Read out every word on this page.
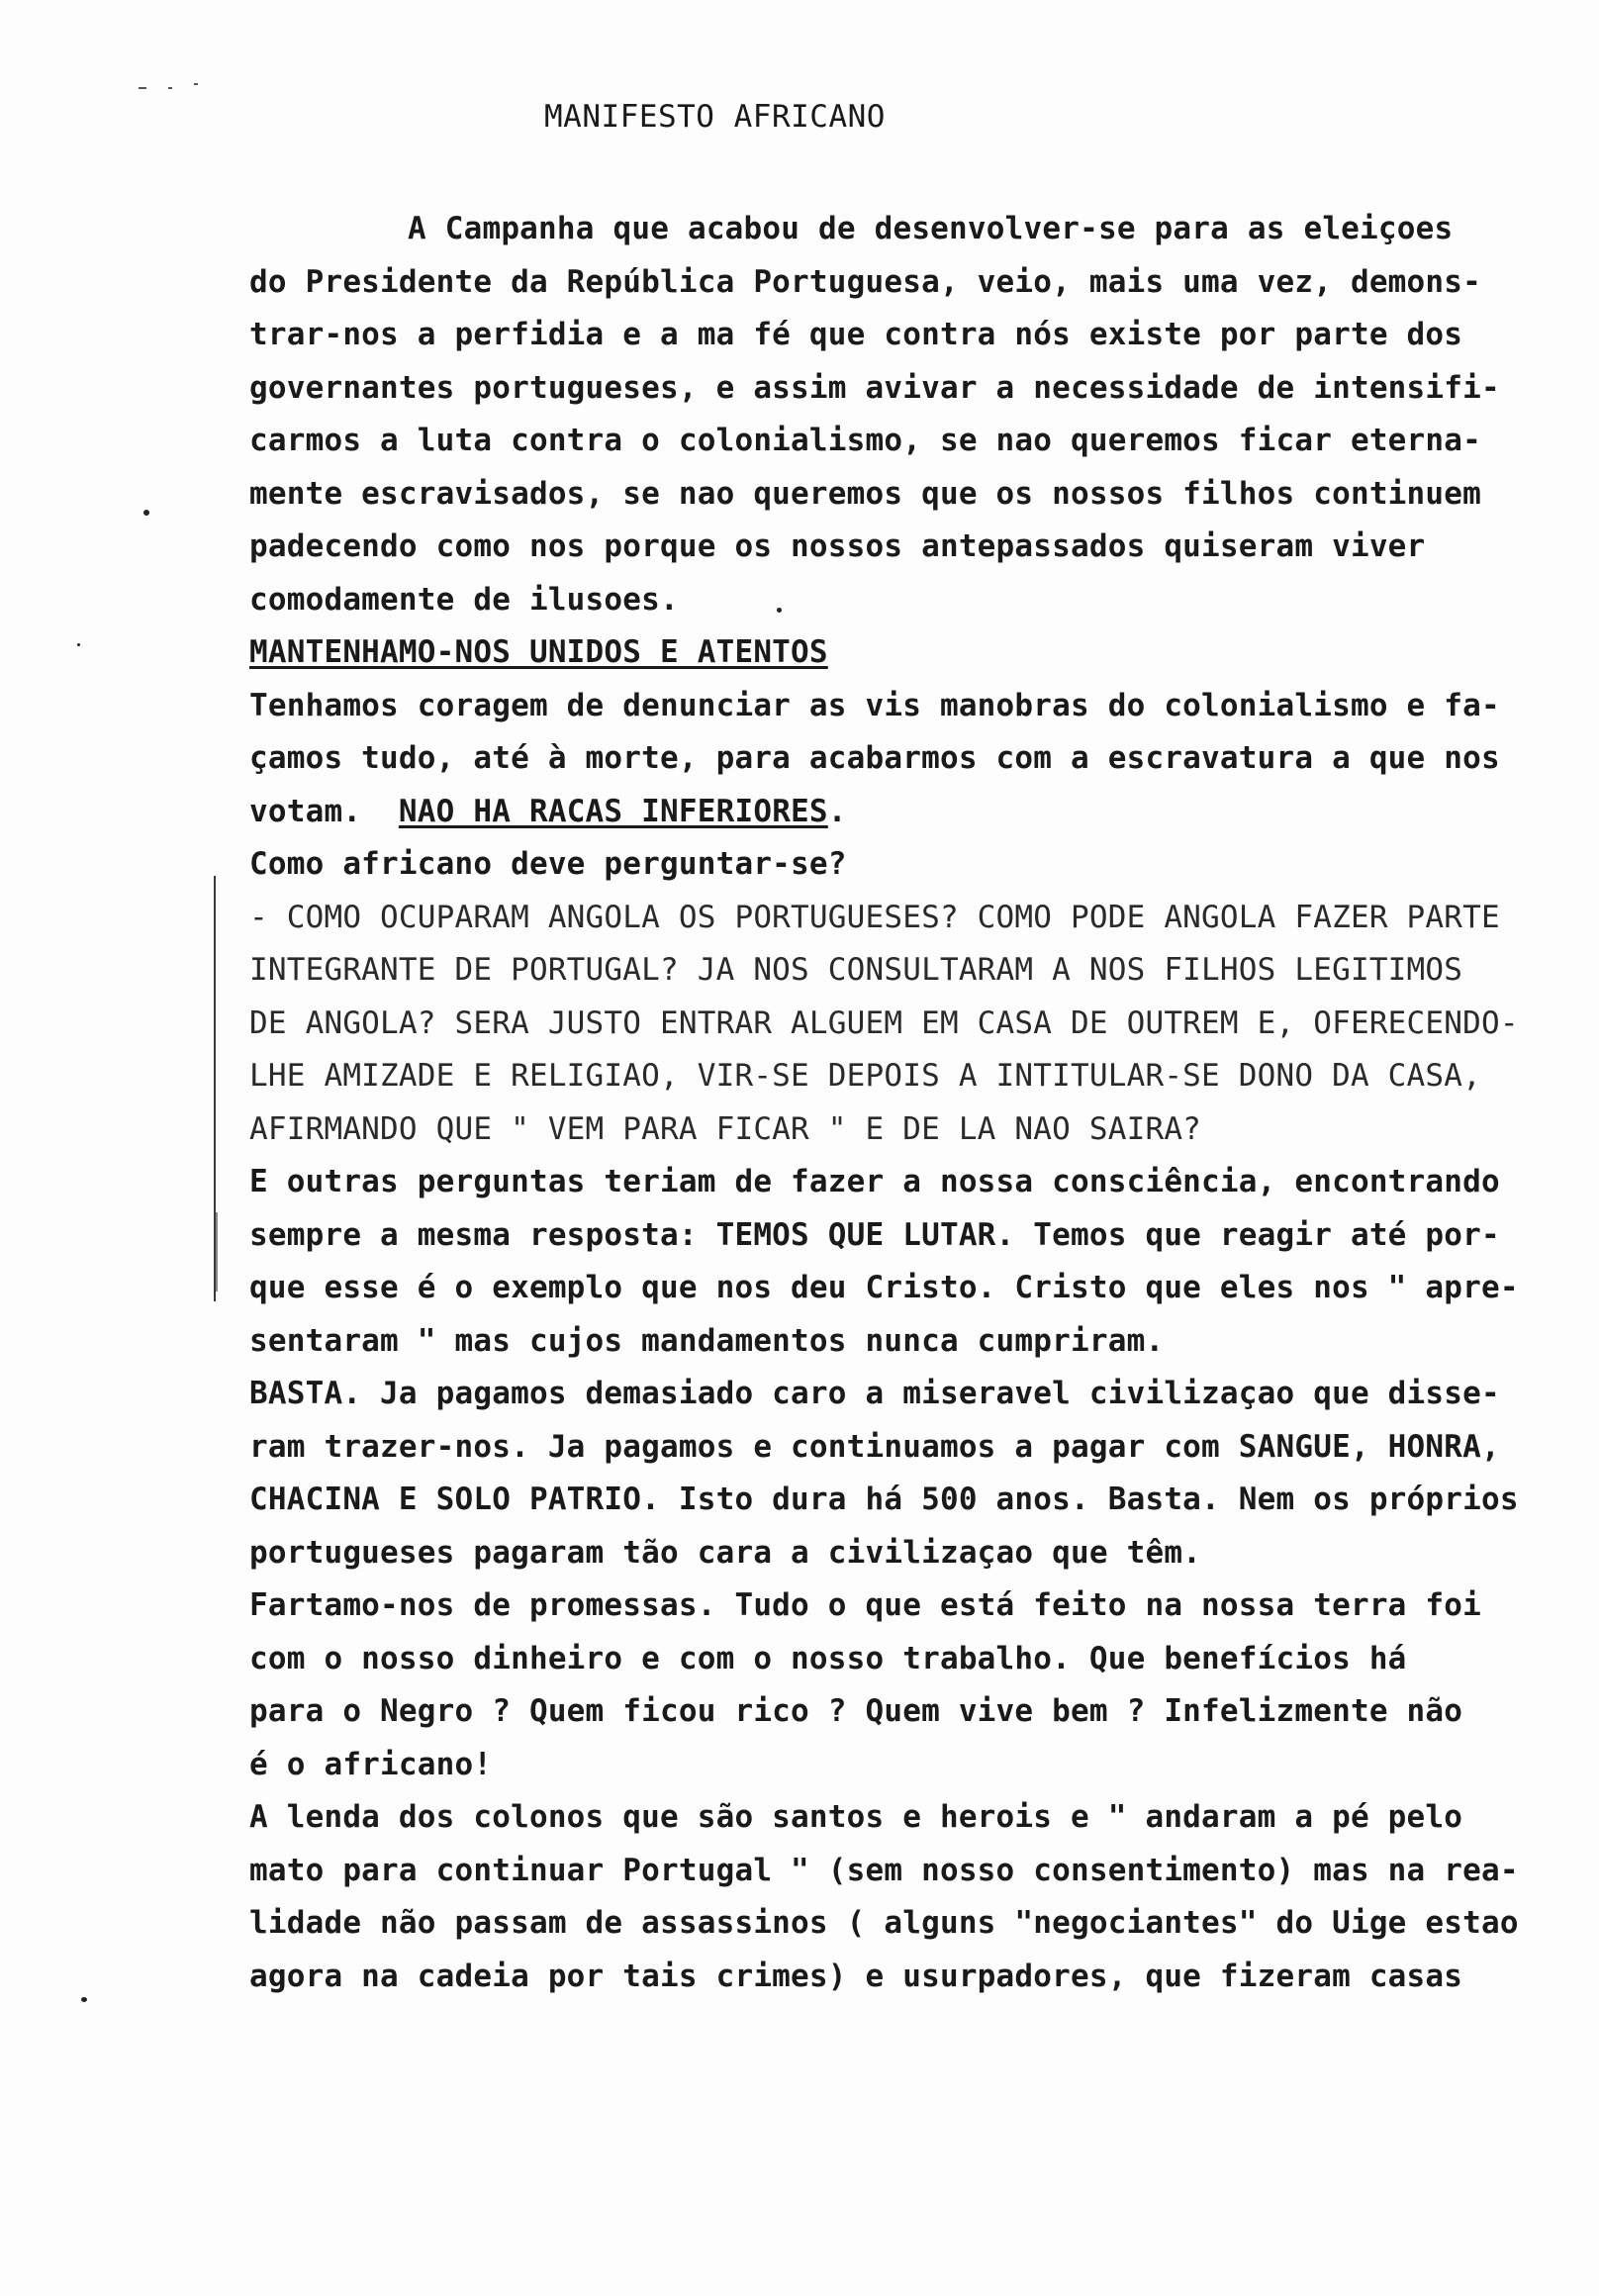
MANIFESTO AFRICANO
A Campanha que acabou de desenvolver-se para as eleiçoes
do Presidente da República Portuguesa, veio, mais uma vez, demons-
trar-nos a perfidia e a ma fé que contra nós existe por parte dos
governantes portugueses, e assim avivar a necessidade de intensifi-
carmos a luta contra o colonialismo, se nao queremos ficar eterna-
mente escravisados, se nao queremos que os nossos filhos continuem
padecendo como nos porque os nossos antepassados quiseram viver
comodamente de ilusoes.
MANTENHAMO-NOS UNIDOS E ATENTOS
Tenhamos coragem de denunciar as vis manobras do colonialismo e fa-
çamos tudo, até à morte, para acabarmos com a escravatura a que nos
votam.  NAO HA RACAS INFERIORES.
Como africano deve perguntar-se?
- COMO OCUPARAM ANGOLA OS PORTUGUESES? COMO PODE ANGOLA FAZER PARTE
INTEGRANTE DE PORTUGAL? JA NOS CONSULTARAM A NOS FILHOS LEGITIMOS
DE ANGOLA? SERA JUSTO ENTRAR ALGUEM EM CASA DE OUTREM E, OFERECENDO-
LHE AMIZADE E RELIGIAO, VIR-SE DEPOIS A INTITULAR-SE DONO DA CASA,
AFIRMANDO QUE " VEM PARA FICAR " E DE LA NAO SAIRA?
E outras perguntas teriam de fazer a nossa consciência, encontrando
sempre a mesma resposta: TEMOS QUE LUTAR. Temos que reagir até por-
que esse é o exemplo que nos deu Cristo. Cristo que eles nos " apre-
sentaram " mas cujos mandamentos nunca cumpriram.
BASTA. Ja pagamos demasiado caro a miseravel civilizaçao que disse-
ram trazer-nos. Ja pagamos e continuamos a pagar com SANGUE, HONRA,
CHACINA E SOLO PATRIO. Isto dura há 500 anos. Basta. Nem os próprios
portugueses pagaram tão cara a civilizaçao que têm.
Fartamo-nos de promessas. Tudo o que está feito na nossa terra foi
com o nosso dinheiro e com o nosso trabalho. Que benefícios há
para o Negro ? Quem ficou rico ? Quem vive bem ? Infelizmente não
é o africano!
A lenda dos colonos que são santos e herois e " andaram a pé pelo
mato para continuar Portugal " (sem nosso consentimento) mas na rea-
lidade não passam de assassinos ( alguns "negociantes" do Uige estao
agora na cadeia por tais crimes) e usurpadores, que fizeram casas
